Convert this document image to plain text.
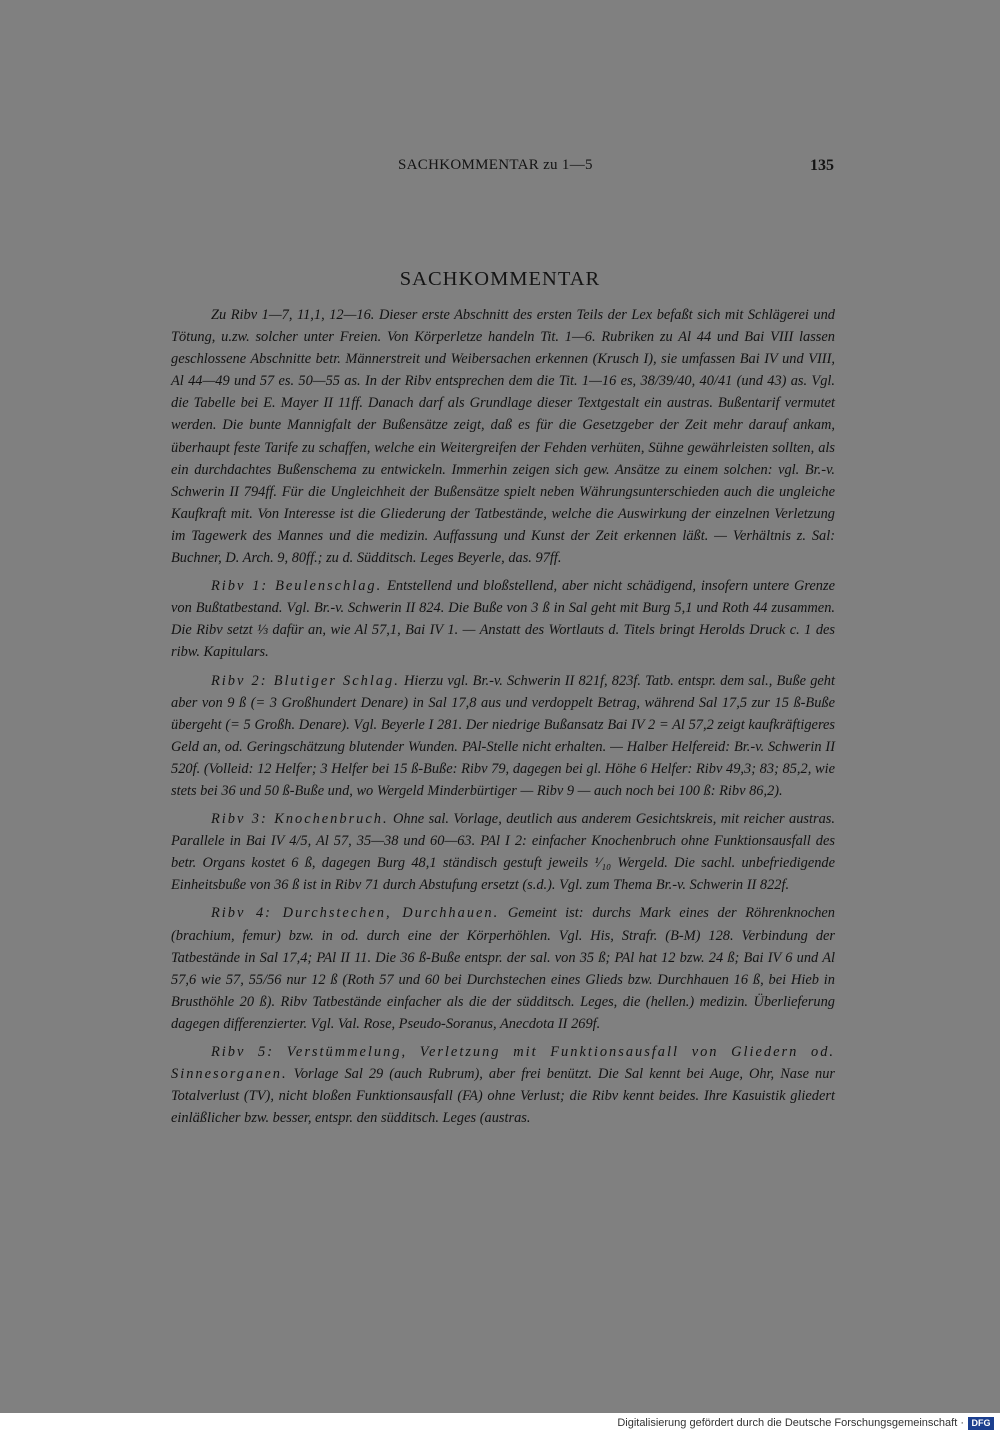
SACHKOMMENTAR zu 1—5	135
SACHKOMMENTAR

Zu Ribv 1—7, 11,1, 12—16. Dieser erste Abschnitt des ersten Teils der Lex befaßt sich mit Schlägerei und Tötung, u.zw. solcher unter Freien. Von Körperletze handeln Tit. 1—6. Rubriken zu Al 44 und Bai VIII lassen geschlossene Abschnitte betr. Männerstreit und Weibersachen erkennen (Krusch I), sie umfassen Bai IV und VIII, Al 44—49 und 57 es. 50—55 as. In der Ribv entsprechen dem die Tit. 1—16 es, 38/39/40, 40/41 (und 43) as. Vgl. die Tabelle bei E. Mayer II 11ff. Danach darf als Grundlage dieser Textgestalt ein austras. Bußentarif vermutet werden. Die bunte Mannigfalt der Bußensätze zeigt, daß es für die Gesetzgeber der Zeit mehr darauf ankam, überhaupt feste Tarife zu schaffen, welche ein Weitergreifen der Fehden verhüten, Sühne gewährleisten sollten, als ein durchdachtes Bußenschema zu entwickeln. Immerhin zeigen sich gew. Ansätze zu einem solchen: vgl. Br.-v. Schwerin II 794ff. Für die Ungleichheit der Bußensätze spielt neben Währungsunterschieden auch die ungleiche Kaufkraft mit. Von Interesse ist die Gliederung der Tatbestände, welche die Auswirkung der einzelnen Verletzung im Tagewerk des Mannes und die medizin. Auffassung und Kunst der Zeit erkennen läßt. — Verhältnis z. Sal: Buchner, D. Arch. 9, 80ff.; zu d. Südditsch. Leges Beyerle, das. 97ff.

Ribv 1: Beulenschlag. Entstellend und bloßstellend, aber nicht schädigend, insofern untere Grenze von Bußtatbestand. Vgl. Br.-v. Schwerin II 824. Die Buße von 3 ß in Sal geht mit Burg 5,1 und Roth 44 zusammen. Die Ribv setzt ⅓ dafür an, wie Al 57,1, Bai IV 1. — Anstatt des Wortlauts d. Titels bringt Herolds Druck c. 1 des ribw. Kapitulars.

Ribv 2: Blutiger Schlag. Hierzu vgl. Br.-v. Schwerin II 821f, 823f. Tatb. entspr. dem sal., Buße geht aber von 9 ß (= 3 Großhundert Denare) in Sal 17,8 aus und verdoppelt Betrag, während Sal 17,5 zur 15 ß-Buße übergeht (= 5 Großh. Denare). Vgl. Beyerle I 281. Der niedrige Bußansatz Bai IV 2 = Al 57,2 zeigt kaufkräftigeres Geld an, od. Geringschätzung blutender Wunden. PAl-Stelle nicht erhalten. — Halber Helfereid: Br.-v. Schwerin II 520f. (Volleid: 12 Helfer; 3 Helfer bei 15 ß-Buße: Ribv 79, dagegen bei gl. Höhe 6 Helfer: Ribv 49,3; 83; 85,2, wie stets bei 36 und 50 ß-Buße und, wo Wergeld Minderbürtiger — Ribv 9 — auch noch bei 100 ß: Ribv 86,2).

Ribv 3: Knochenbruch. Ohne sal. Vorlage, deutlich aus anderem Gesichtskreis, mit reicher austras. Parallele in Bai IV 4/5, Al 57, 35—38 und 60—63. PAl I 2: einfacher Knochenbruch ohne Funktionsausfall des betr. Organs kostet 6 ß, dagegen Burg 48,1 ständisch gestuft jeweils ¹⁄₁₀ Wergeld. Die sachl. unbefriedigende Einheitsbuße von 36 ß ist in Ribv 71 durch Abstufung ersetzt (s.d.). Vgl. zum Thema Br.-v. Schwerin II 822f.

Ribv 4: Durchstechen, Durchhauen. Gemeint ist: durchs Mark eines der Röhrenknochen (brachium, femur) bzw. in od. durch eine der Körperhöhlen. Vgl. His, Strafr. (B-M) 128. Verbindung der Tatbestände in Sal 17,4; PAl II 11. Die 36 ß-Buße entspr. der sal. von 35 ß; PAl hat 12 bzw. 24 ß; Bai IV 6 und Al 57,6 wie 57, 55/56 nur 12 ß (Roth 57 und 60 bei Durchstechen eines Glieds bzw. Durchhauen 16 ß, bei Hieb in Brusthöhle 20 ß). Ribv Tatbestände einfacher als die der südditsch. Leges, die (hellen.) medizin. Überlieferung dagegen differenzierter. Vgl. Val. Rose, Pseudo-Soranus, Anecdota II 269f.

Ribv 5: Verstümmelung, Verletzung mit Funktionsausfall von Gliedern od. Sinnesorganen. Vorlage Sal 29 (auch Rubrum), aber frei benützt. Die Sal kennt bei Auge, Ohr, Nase nur Totalverlust (TV), nicht bloßen Funktionsausfall (FA) ohne Verlust; die Ribv kennt beides. Ihre Kasuistik gliedert einläßlicher bzw. besser, entspr. den südditsch. Leges (austras.

Digitalisierung gefördert durch die Deutsche Forschungsgemeinschaft · DFG
